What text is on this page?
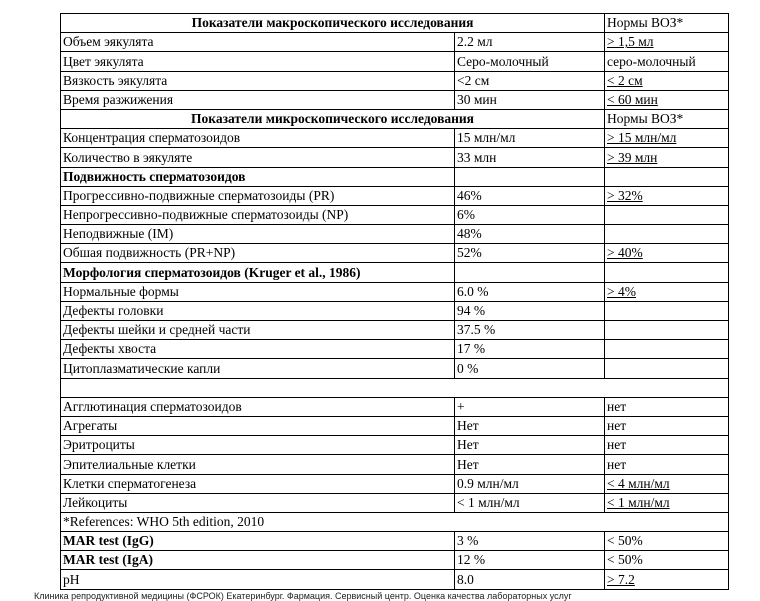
Показатели макроскопического исследования		Нормы ВОЗ*
Объем эякулята	2.2 мл	> 1,5 мл
Цвет эякулята	Серо-молочный	серо-молочный
Вязкость эякулята	<2 см	< 2 см
Время разжижения	30 мин	< 60 мин
Показатели микроскопического исследования		Нормы ВОЗ*
Концентрация сперматозоидов	15 млн/мл	> 15 млн/мл
Количество в эякуляте	33 млн	> 39 млн
Подвижность сперматозоидов		
Прогрессивно-подвижные сперматозоиды (PR)	46%	> 32%
Непрогрессивно-подвижные сперматозоиды (NP)	6%	
Неподвижные (IM)	48%	
Обшая подвижность (PR+NP)	52%	> 40%
Морфология сперматозоидов (Kruger et al., 1986)		
Нормальные формы	6.0 %	> 4%
Дефекты головки	94 %	
Дефекты шейки и средней части	37.5 %	
Дефекты хвоста	17 %	
Цитоплазматические капли	0 %	

Агглютинация сперматозоидов	+	нет
Агрегаты	Нет	нет
Эритроциты	Нет	нет
Эпителиальные клетки	Нет	нет
Клетки сперматогенеза	0.9 млн/мл	< 4 млн/мл
Лейкоциты	< 1 млн/мл	< 1 млн/мл
*References: WHO 5th edition, 2010		
MAR test (IgG)	3 %	< 50%
MAR test (IgA)	12 %	< 50%
pH	8.0	> 7.2
Клиника репродуктивной медицины (ФСРОК) Екатеринбург. Фармация. Сервисный центр. Оценка качества лабораторных услуг
